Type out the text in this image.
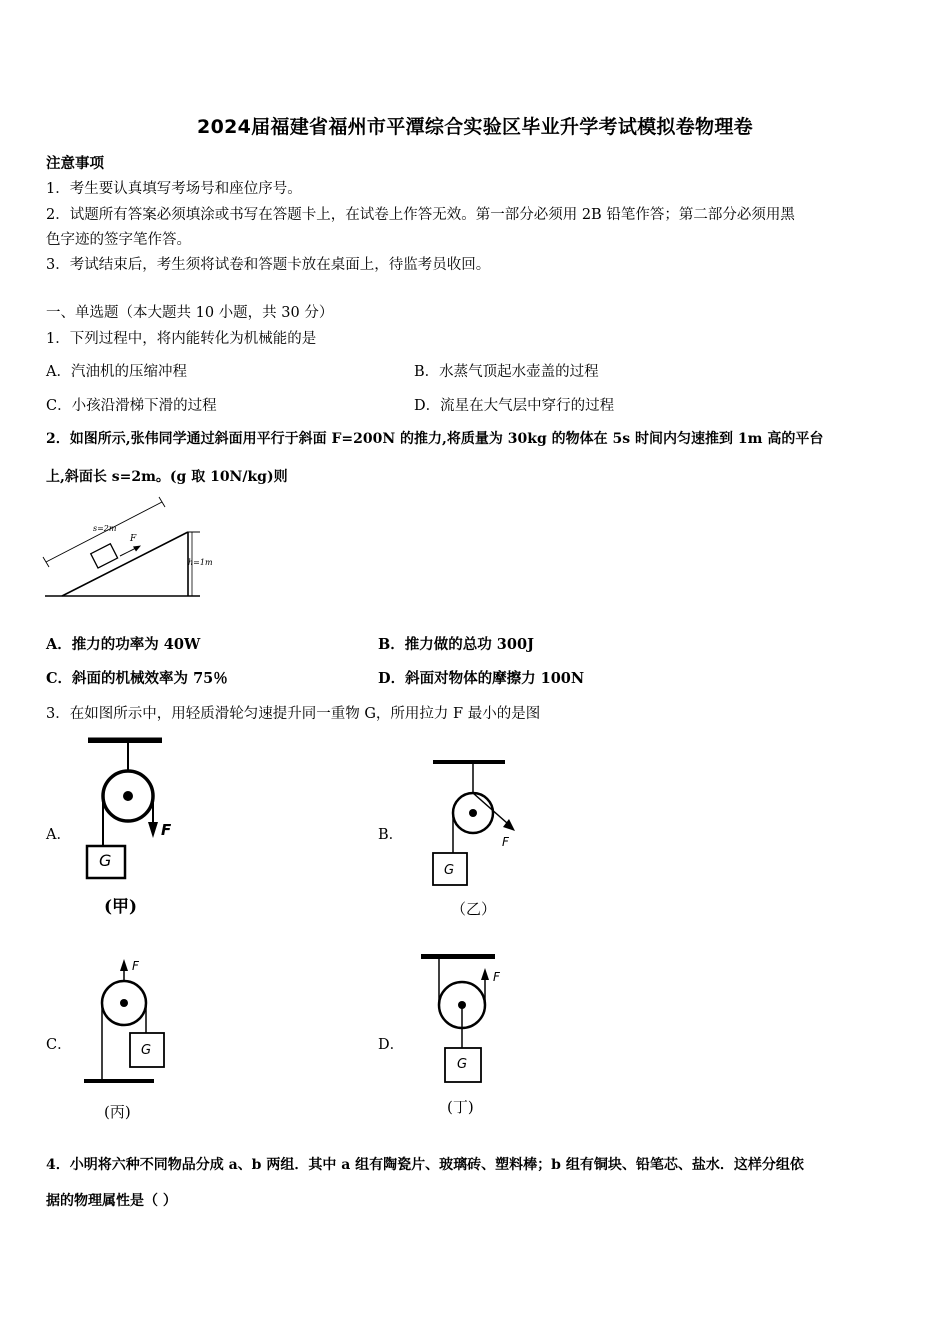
2024届福建省福州市平潭综合实验区毕业升学考试模拟卷物理卷
注意事项
1．考生要认真填写考场号和座位序号。
2．试题所有答案必须填涂或书写在答题卡上，在试卷上作答无效。第一部分必须用 2B 铅笔作答；第二部分必须用黑
色字迹的签字笔作答。
3．考试结束后，考生须将试卷和答题卡放在桌面上，待监考员收回。
一、单选题（本大题共 10 小题，共 30 分）
1．下列过程中，将内能转化为机械能的是
A．汽油机的压缩冲程	B．水蒸气顶起水壶盖的过程
C．小孩沿滑梯下滑的过程	D．流星在大气层中穿行的过程
2．如图所示,张伟同学通过斜面用平行于斜面 F=200N 的推力,将质量为 30kg 的物体在 5s 时间内匀速推到 1m 高的平台
上,斜面长 s=2m。(g 取 10N/kg)则
s=2m
F
h=1m
A．推力的功率为 40W	B．推力做的总功 300J
C．斜面的机械效率为 75％	D．斜面对物体的摩擦力 100N
3．在如图所示中，用轻质滑轮匀速提升同一重物 G，所用拉力 F 最小的是图
A．	F
G
(甲)
B．	F
G
（乙）
C．
F
G
(丙)
D．
F
G
(丁)
4．小明将六种不同物品分成 a、b 两组．其中 a 组有陶瓷片、玻璃砖、塑料棒；b 组有铜块、铅笔芯、盐水．这样分组依
据的物理属性是（ ）
